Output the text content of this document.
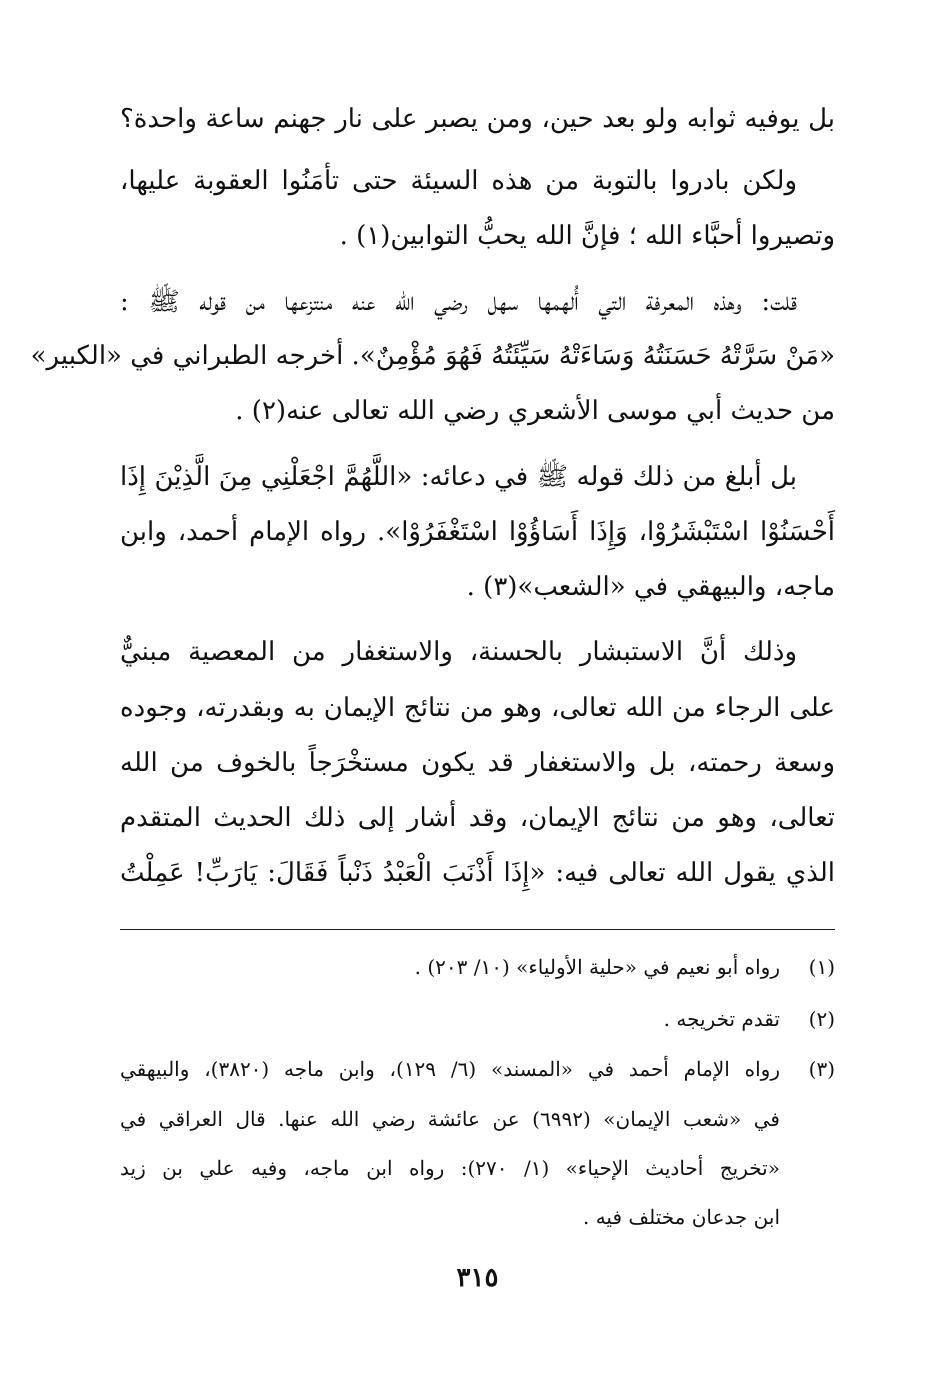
بل يوفيه ثوابه ولو بعد حين، ومن يصبر على نار جهنم ساعة واحدة؟
ولكن بادروا بالتوبة من هذه السيئة حتى تأمَنُوا العقوبة عليها،
وتصيروا أحبَّاء الله ؛ فإنَّ الله يحبُّ التوابين(١) .
قلت: وهذه المعرفة التي أُلهمها سهل رضي الله عنه منتزعها من قوله ﷺ :
«مَنْ سَرَّتْهُ حَسَنَتُهُ وَسَاءَتْهُ سَيِّئَتُهُ فَهُوَ مُؤْمِنٌ». أخرجه الطبراني في «الكبير»
من حديث أبي موسى الأشعري رضي الله تعالى عنه(٢) .
بل أبلغ من ذلك قوله ﷺ في دعائه: «اللَّهُمَّ اجْعَلْنِي مِنَ الَّذِيْنَ إِذَا
أَحْسَنُوْا اسْتَبْشَرُوْا، وَإِذَا أَسَاؤُوْا اسْتَغْفَرُوْا». رواه الإمام أحمد، وابن
ماجه، والبيهقي في «الشعب»(٣) .
وذلك أنَّ الاستبشار بالحسنة، والاستغفار من المعصية مبنيٌّ
على الرجاء من الله تعالى، وهو من نتائج الإيمان به وبقدرته، وجوده
وسعة رحمته، بل والاستغفار قد يكون مستخْرَجاً بالخوف من الله
تعالى، وهو من نتائج الإيمان، وقد أشار إلى ذلك الحديث المتقدم
الذي يقول الله تعالى فيه: «إِذَا أَذْنَبَ الْعَبْدُ ذَنْباً فَقَالَ: يَارَبِّ! عَمِلْتُ
(١)
رواه أبو نعيم في «حلية الأولياء» (١٠/ ٢٠٣) .
(٢)
تقدم تخريجه .
(٣)
رواه الإمام أحمد في «المسند» (٦/ ١٢٩)، وابن ماجه (٣٨٢٠)، والبيهقي
في «شعب الإيمان» (٦٩٩٢) عن عائشة رضي الله عنها. قال العراقي في
«تخريج أحاديث الإحياء» (١/ ٢٧٠): رواه ابن ماجه، وفيه علي بن زيد
ابن جدعان مختلف فيه .
٣١٥
